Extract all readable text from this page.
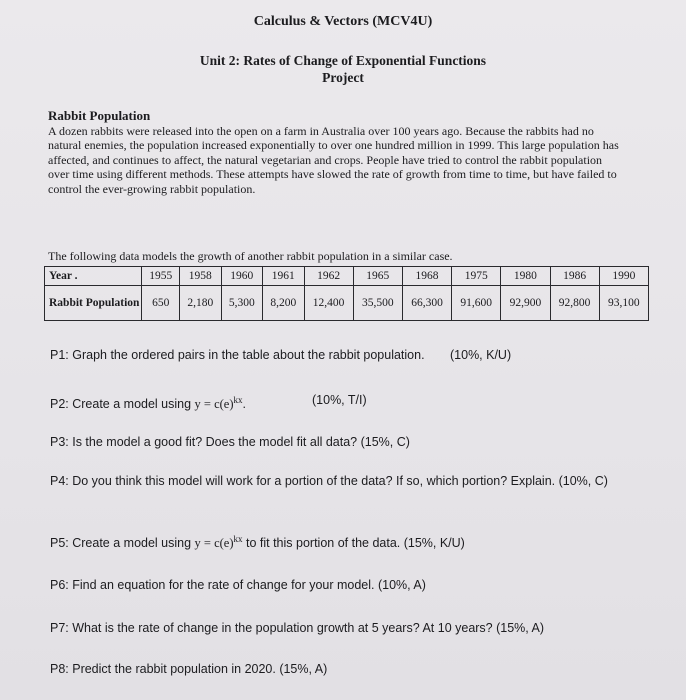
Calculus & Vectors (MCV4U)
Unit 2: Rates of Change of Exponential Functions
Project
Rabbit Population

A dozen rabbits were released into the open on a farm in Australia over 100 years ago. Because the rabbits had no natural enemies, the population increased exponentially to over one hundred million in 1999. This large population has affected, and continues to affect, the natural vegetarian and crops. People have tried to control the rabbit population over time using different methods. These attempts have slowed the rate of growth from time to time, but have failed to control the ever-growing rabbit population.

The following data models the growth of another rabbit population in a similar case.
Year .	1955	1958	1960	1961	1962	1965	1968	1975	1980	1986	1990
Rabbit Population	650	2,180	5,300	8,200	12,400	35,500	66,300	91,600	92,900	92,800	93,100
P1: Graph the ordered pairs in the table about the rabbit population. (10%, K/U)
P2: Create a model using $y = c(e)^{kx}$.	(10%, T/I)
P3: Is the model a good fit? Does the model fit all data? (15%, C)
P4: Do you think this model will work for a portion of the data? If so, which portion? Explain. (10%, C)
P5: Create a model using $y = c(e)^{kx}$ to fit this portion of the data. (15%, K/U)
P6: Find an equation for the rate of change for your model. (10%, A)
P7: What is the rate of change in the population growth at 5 years? At 10 years? (15%, A)
P8: Predict the rabbit population in 2020. (15%, A)
